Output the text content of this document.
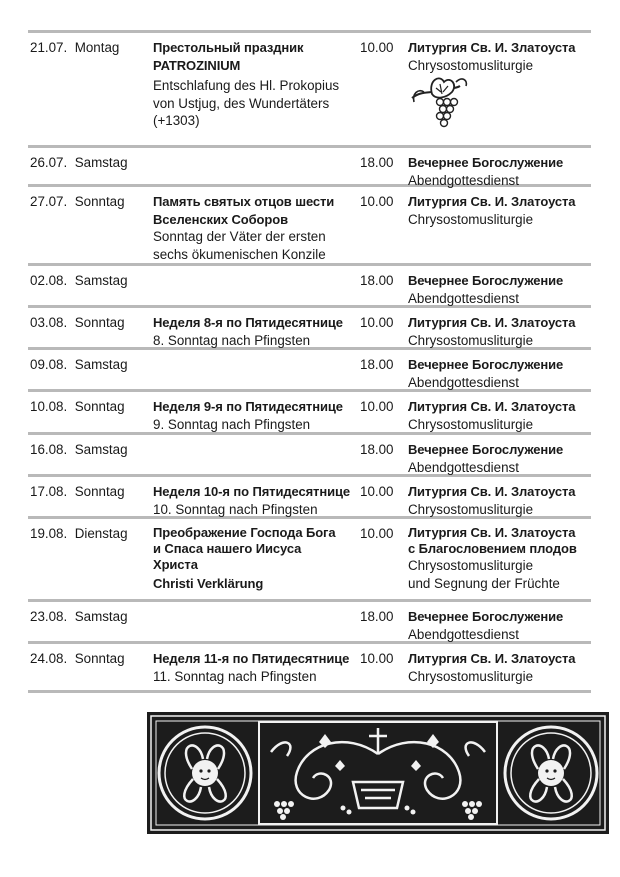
21.07. Montag	Престольный праздник
PATROZINIUM
Entschlafung des Hl. Prokopius
von Ustjug, des Wundertäters
(+1303)
10.00	Литургия Св. И. Златоуста
Chrysostomusliturgie
26.07. Samstag	18.00	Вечернее Богослужение
Abendgottesdienst
27.07. Sonntag	Память святых отцов шести
Вселенских Соборов
Sonntag der Väter der ersten
sechs ökumenischen Konzile
10.00	Литургия Св. И. Златоуста
Chrysostomusliturgie
02.08. Samstag	18.00	Вечернее Богослужение
Abendgottesdienst
03.08. Sonntag	Неделя 8-я по Пятидесятнице
8. Sonntag nach Pfingsten
10.00	Литургия Св. И. Златоуста
Chrysostomusliturgie
09.08. Samstag	18.00	Вечернее Богослужение
Abendgottesdienst
10.08. Sonntag	Неделя 9-я по Пятидесятнице
9. Sonntag nach Pfingsten
10.00	Литургия Св. И. Златоуста
Chrysostomusliturgie
16.08. Samstag	18.00	Вечернее Богослужение
Abendgottesdienst
17.08. Sonntag	Неделя 10-я по Пятидесятнице
10. Sonntag nach Pfingsten
10.00	Литургия Св. И. Златоуста
Chrysostomusliturgie
19.08. Dienstag	Преображение Господа Бога
и Спаса нашего Иисуса
Христа
Christi Verklärung
10.00	Литургия Св. И. Златоуста
с Благословением плодов
Chrysostomusliturgie
und Segnung der Früchte
23.08. Samstag	18.00	Вечернее Богослужение
Abendgottesdienst
24.08. Sonntag	Неделя 11-я по Пятидесятнице
11. Sonntag nach Pfingsten
10.00	Литургия Св. И. Златоуста
Chrysostomusliturgie
